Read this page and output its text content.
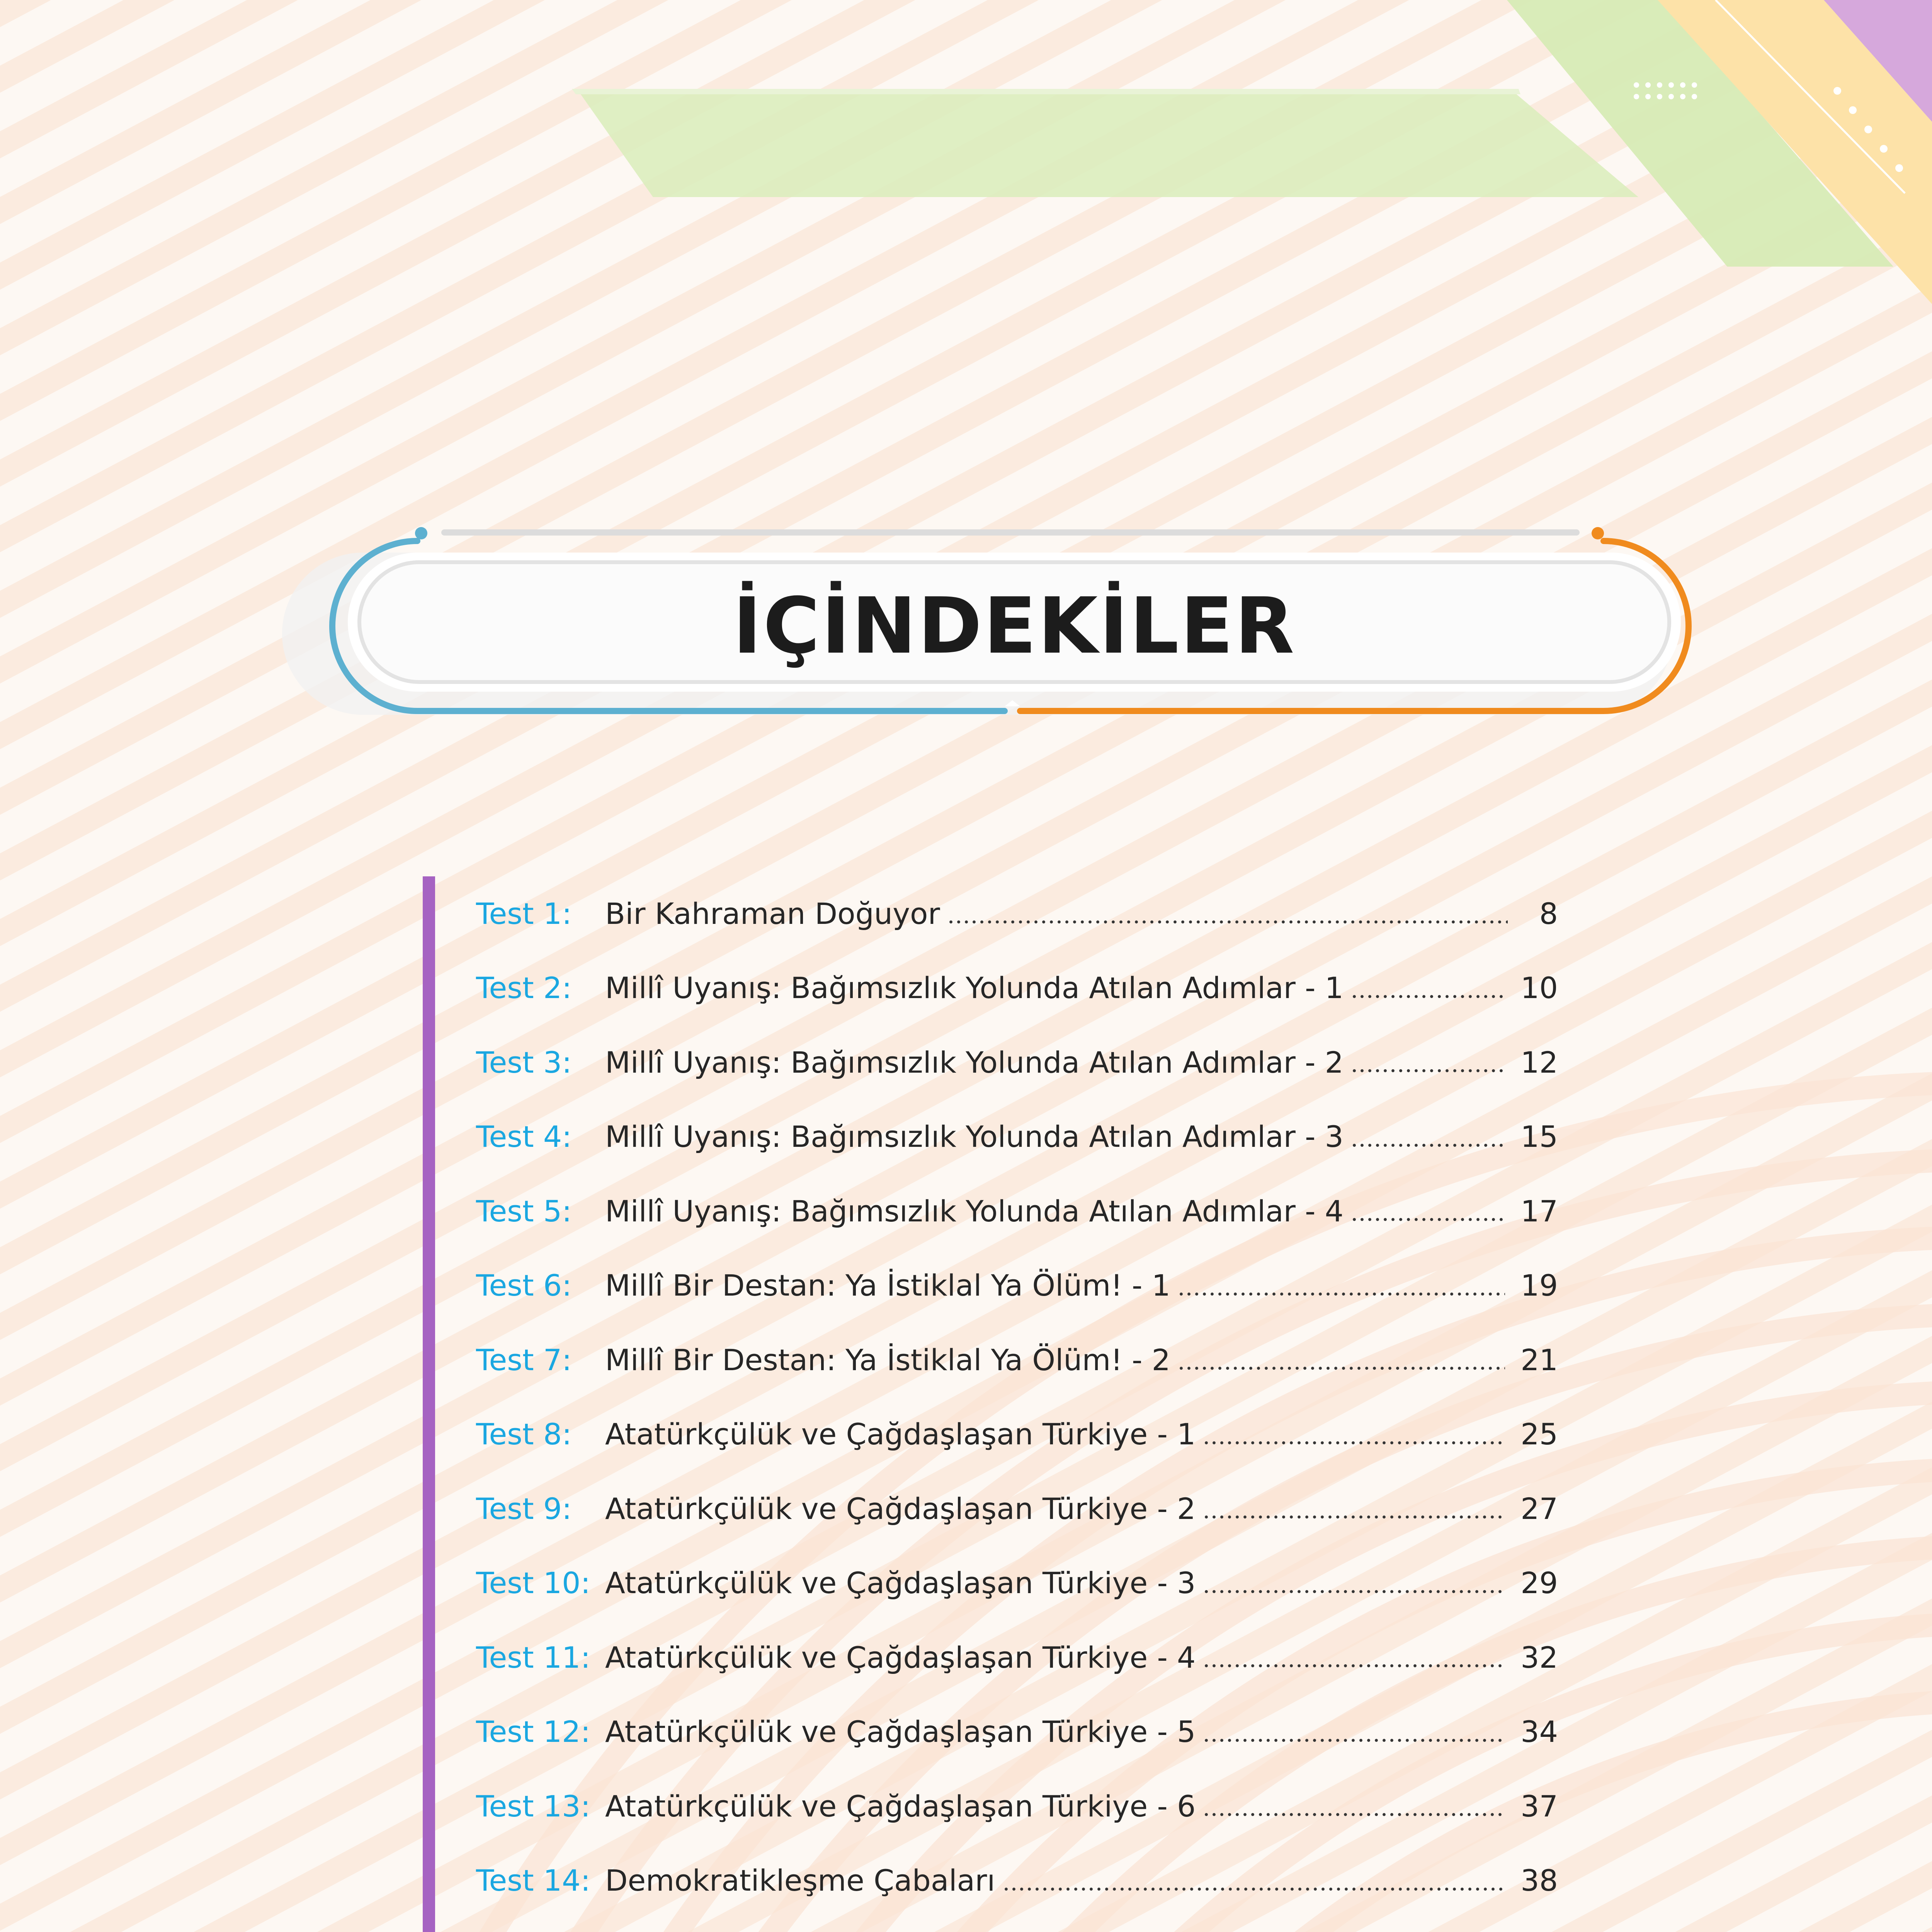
İÇİNDEKİLER
Test 1:	Bir Kahraman Doğuyor	8
Test 2:	Millî Uyanış: Bağımsızlık Yolunda Atılan Adımlar - 1	10
Test 3:	Millî Uyanış: Bağımsızlık Yolunda Atılan Adımlar - 2	12
Test 4:	Millî Uyanış: Bağımsızlık Yolunda Atılan Adımlar - 3	15
Test 5:	Millî Uyanış: Bağımsızlık Yolunda Atılan Adımlar - 4	17
Test 6:	Millî Bir Destan: Ya İstiklal Ya Ölüm! - 1	19
Test 7:	Millî Bir Destan: Ya İstiklal Ya Ölüm! - 2	21
Test 8:	Atatürkçülük ve Çağdaşlaşan Türkiye - 1	25
Test 9:	Atatürkçülük ve Çağdaşlaşan Türkiye - 2	27
Test 10: Atatürkçülük ve Çağdaşlaşan Türkiye - 3	29
Test 11: Atatürkçülük ve Çağdaşlaşan Türkiye - 4	32
Test 12: Atatürkçülük ve Çağdaşlaşan Türkiye - 5	34
Test 13: Atatürkçülük ve Çağdaşlaşan Türkiye - 6	37
Test 14: Demokratikleşme Çabaları	38
